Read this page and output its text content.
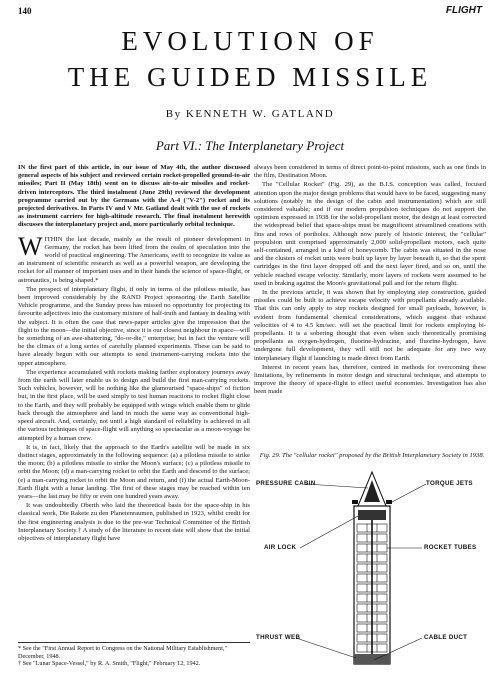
140	FLIGHT
EVOLUTION OF
THE GUIDED MISSILE
By KENNETH W. GATLAND
Part VI.: The Interplanetary Project

IN the first part of this article, in our issue of May 4th, the author discussed general aspects of his subject and reviewed certain rocket-propelled ground-to-air missiles; Part II (May 18th) went on to discuss air-to-air missiles and rocket-driven interceptors. The third instalment (June 29th) reviewed the development programme carried out by the Germans with the A-4 ("V-2") rocket and its projected derivatives. In Parts IV and V Mr. Gatland dealt with the use of rockets as instrument carriers for high-altitude research. The final instalment herewith discusses the interplanetary project and, more particularly orbital technique.

WITHIN the last decade, mainly as the result of pioneer development in Germany, the rocket has been lifted from the realm of speculation into the world of practical engineering. The Americans, swift to recognize its value as an instrument of scientific research as well as a powerful weapon, are developing the rocket for all manner of important uses and in their hands the science of space-flight, or astronautics, is being shaped.*

The prospect of interplanetary flight, if only in terms of the pilotless missile, has been improved considerably by the RAND Project sponsoring the Earth Satellite Vehicle programme, and the Sunday press has missed no opportunity for projecting its favourite adjectives into the customary mixture of half-truth and fantasy in dealing with the subject. It is often the case that news-paper articles give the impression that the flight to the moon—the initial objective, since it is our closest neighbour in space—will be something of an awe-shattering, "do-or-die," enterprise; but in fact the venture will be the climax of a long series of carefully planned experiments. These can be said to have already begun with our attempts to send instrument-carrying rockets into the upper atmosphere.

The experience accumulated with rockets making farther exploratory journeys away from the earth will later enable us to design and build the first man-carrying rockets. Such vehicles, however, will be nothing like the glamourised "space-ships" of fiction but, in the first place, will be used simply to test human reactions to rocket flight close to the Earth, and they will probably be equipped with wings which enable them to glide back through the atmosphere and land in much the same way as conventional high-speed aircraft. And, certainly, not until a high standard of reliability is achieved in all the various techniques of space-flight will anything so spectacular as a moon-voyage be attempted by a human crew.

It is, in fact, likely that the approach to the Earth's satellite will be made in six distinct stages, approximately in the following sequence: (a) a pilotless missile to strike the moon; (b) a pilotless missile to strike the Moon's surface; (c) a pilotless missile to orbit the Moon; (d) a man-carrying rocket to orbit the Earth and descend to the surface; (e) a man-carrying rocket to orbit the Moon and return, and (f) the actual Earth-Moon-Earth flight with a lunar landing. The first of these stages may be reached within ten years—the last may be fifty or even one hundred years away.

It was undoubtedly Oberth who laid the theoretical basis for the space-ship in his classical work, Die Rakete zu den Planetenraumen, published in 1923, whilst credit for the first engineering analysis is due to the pre-war Technical Committee of the British Interplanetary Society.† A study of the literature to recent date will show that the initial objectives of interplanetary flight have

* See the "First Annual Report to Congress on the National Military Establishment," December, 1948.

† See "Lunar Space-Vessel," by R. A. Smith, "Flight," February 12, 1942.

always been considered in terms of direct point-to-point missions, such as one finds in the film, Destination Moon.

The "Cellular Rocket" (Fig. 29), as the B.I.S. conception was called, focused attention upon the major design problems that would have to be faced, suggesting many solutions (notably in the design of the cabin and instrumentation) which are still considered valuable; and if our modern propulsion techniques do not support the optimism expressed in 1938 for the solid-propellant motor, the design at least corrected the widespread belief that space-ships must be magnificent streamlined creations with fins and rows of portholes. Although now purely of historic interest, the "cellular" propulsion unit comprised approximately 2,000 solid-propellant motors, each quite self-contained, arranged in a kind of honeycomb. The cabin was situated in the nose and the clusters of rocket units were built up layer by layer beneath it, so that the spent cartridges in the first layer dropped off and the next layer fired, and so on, until the vehicle reached escape velocity. Similarly, more layers of rockets were assumed to be used in braking against the Moon's gravitational pull and for the return flight.

In the previous article, it was shown that by employing step construction, guided missiles could be built to achieve escape velocity with propellants already available. That this can only apply to step rockets designed for small payloads, however, is evident from fundamental chemical considerations, which suggest that exhaust velocities of 4 to 4.5 km/sec. will set the practical limit for rockets employing bi-propellants. It is a sobering thought that even when such theoretically promising propellants as oxygen-hydrogen, fluorine-hydrazine, and fluorine-hydrogen, have undergone full development, they will still not be adequate for any two way interplanetary flight if launching is made direct from Earth.

Interest in recent years has, therefore, centred in methods for overcoming these limitations, by refinements in motor design and structural technique, and attempts to improve the theory of space-flight to effect useful economies. Investigation has also been made

Fig. 29. The "cellular rocket" proposed by the British Interplanetary Society in 1938.
PRESSURE CABIN	TORQUE JETS
AIR LOCK	ROCKET TUBES
THRUST WEB	CABLE DUCT
